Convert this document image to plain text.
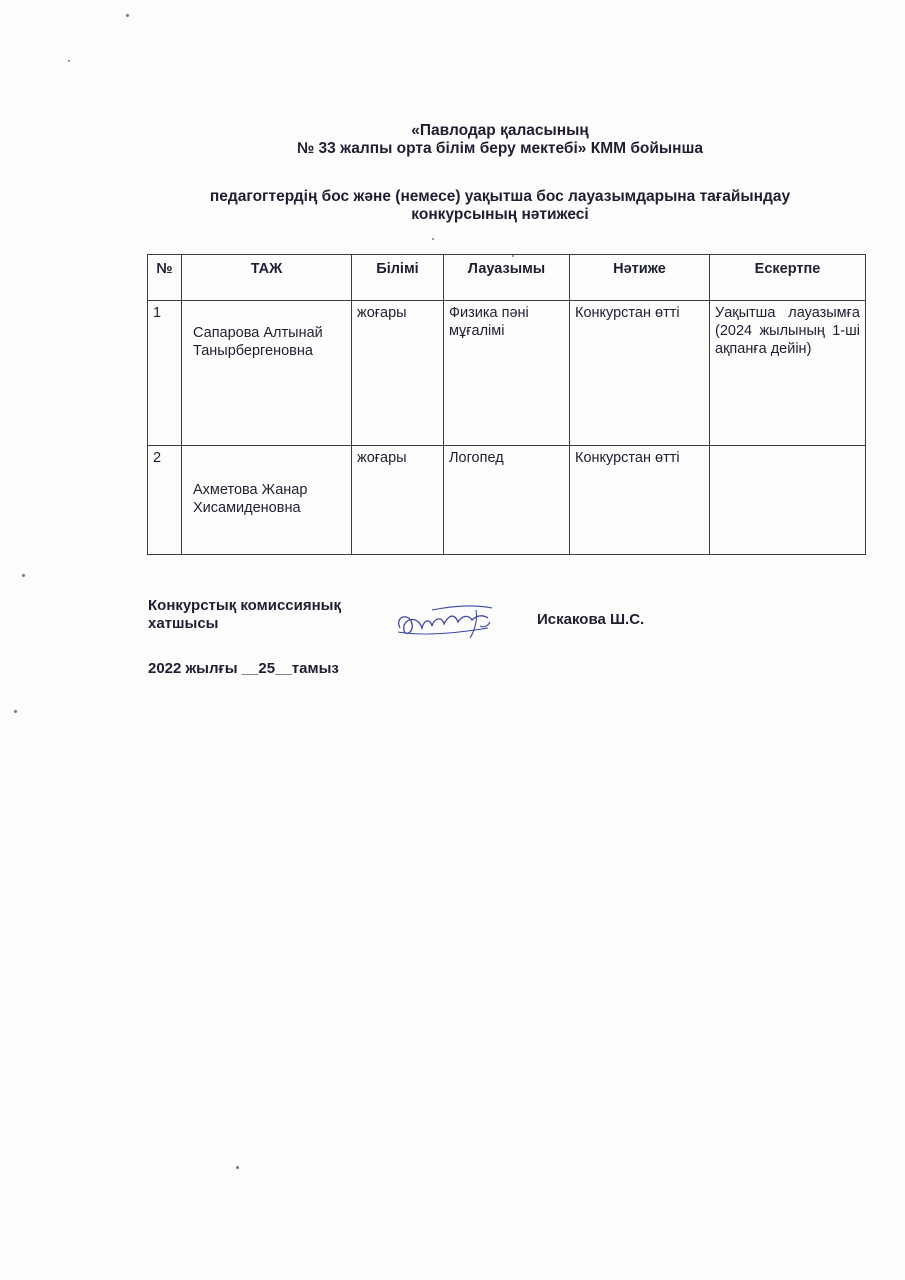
«Павлодар қаласының
№ 33 жалпы орта білім беру мектебі» КММ бойынша
педагогтердің бос және (немесе) уақытша бос лауазымдарына тағайындау
конкурсының нәтижесі
№	ТАЖ	Білімі	Лауазымы	Нәтиже	Ескертпе
1	Сапарова Алтынай Танырбергеновна	жоғары	Физика пәні мұғалімі	Конкурстан өтті	Уақытша лауазымға (2024 жылының 1-ші ақпанға дейін)
2	Ахметова Жанар Хисамиденовна	жоғары	Логопед	Конкурстан өтті	
Конкурстық комиссиянық
хатшысы	Искакова Ш.С.
2022 жылғы __25__тамыз
